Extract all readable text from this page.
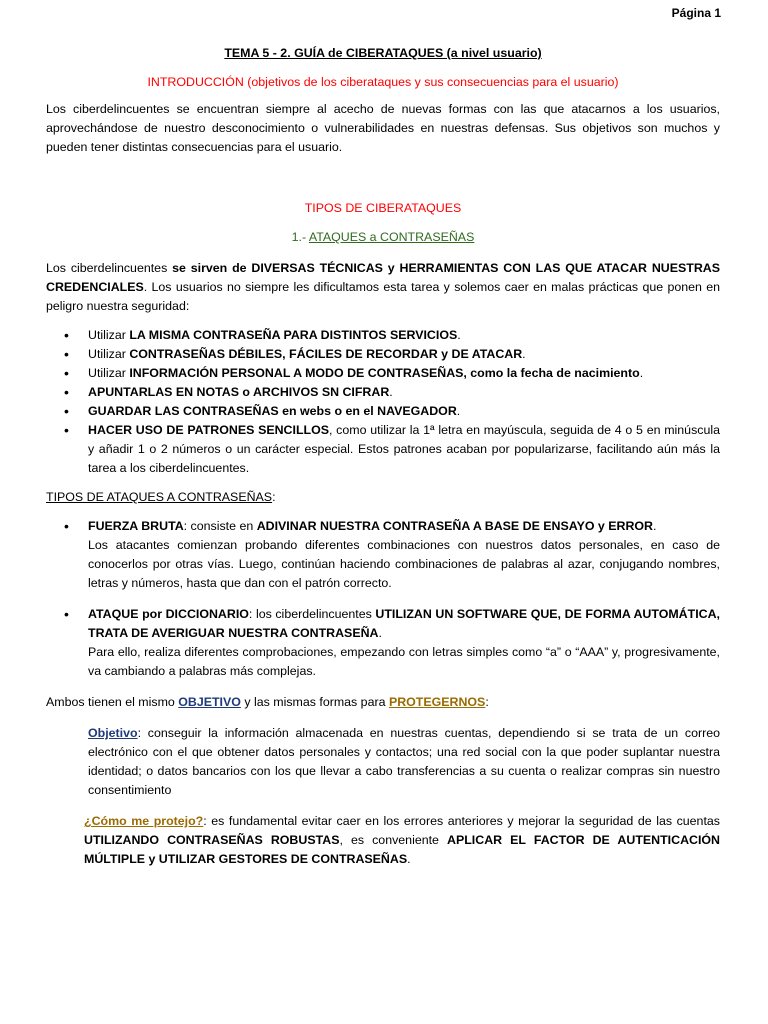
Página 1
TEMA 5 - 2. GUÍA de CIBERATAQUES (a nivel usuario)
INTRODUCCIÓN (objetivos de los ciberataques y sus consecuencias para el usuario)

Los ciberdelincuentes se encuentran siempre al acecho de nuevas formas con las que atacarnos a los usuarios, aprovechándose de nuestro desconocimiento o vulnerabilidades en nuestras defensas. Sus objetivos son muchos y pueden tener distintas consecuencias para el usuario.

TIPOS DE CIBERATAQUES
1.- ATAQUES a CONTRASEÑAS

Los ciberdelincuentes se sirven de DIVERSAS TÉCNICAS y HERRAMIENTAS CON LAS QUE ATACAR NUESTRAS CREDENCIALES. Los usuarios no siempre les dificultamos esta tarea y solemos caer en malas prácticas que ponen en peligro nuestra seguridad:

• Utilizar LA MISMA CONTRASEÑA PARA DISTINTOS SERVICIOS.
• Utilizar CONTRASEÑAS DÉBILES, FÁCILES DE RECORDAR y DE ATACAR.
• Utilizar INFORMACIÓN PERSONAL A MODO DE CONTRASEÑAS, como la fecha de nacimiento.
• APUNTARLAS EN NOTAS o ARCHIVOS SN CIFRAR.
• GUARDAR LAS CONTRASEÑAS en webs o en el NAVEGADOR.
• HACER USO DE PATRONES SENCILLOS, como utilizar la 1ª letra en mayúscula, seguida de 4 o 5 en minúscula y añadir 1 o 2 números o un carácter especial. Estos patrones acaban por popularizarse, facilitando aún más la tarea a los ciberdelincuentes.
TIPOS DE ATAQUES A CONTRASEÑAS:
• FUERZA BRUTA: consiste en ADIVINAR NUESTRA CONTRASEÑA A BASE DE ENSAYO y ERROR.
Los atacantes comienzan probando diferentes combinaciones con nuestros datos personales, en caso de conocerlos por otras vías. Luego, continúan haciendo combinaciones de palabras al azar, conjugando nombres, letras y números, hasta que dan con el patrón correcto.
• ATAQUE por DICCIONARIO: los ciberdelincuentes UTILIZAN UN SOFTWARE QUE, DE FORMA AUTOMÁTICA, TRATA DE AVERIGUAR NUESTRA CONTRASEÑA.
Para ello, realiza diferentes comprobaciones, empezando con letras simples como “a” o “AAA” y, progresivamente, va cambiando a palabras más complejas.

Ambos tienen el mismo OBJETIVO y las mismas formas para PROTEGERNOS:

Objetivo: conseguir la información almacenada en nuestras cuentas, dependiendo si se trata de un correo electrónico con el que obtener datos personales y contactos; una red social con la que poder suplantar nuestra identidad; o datos bancarios con los que llevar a cabo transferencias a su cuenta o realizar compras sin nuestro consentimiento

¿Cómo me protejo?: es fundamental evitar caer en los errores anteriores y mejorar la seguridad de las cuentas UTILIZANDO CONTRASEÑAS ROBUSTAS, es conveniente APLICAR EL FACTOR DE AUTENTICACIÓN MÚLTIPLE y UTILIZAR GESTORES DE CONTRASEÑAS.
